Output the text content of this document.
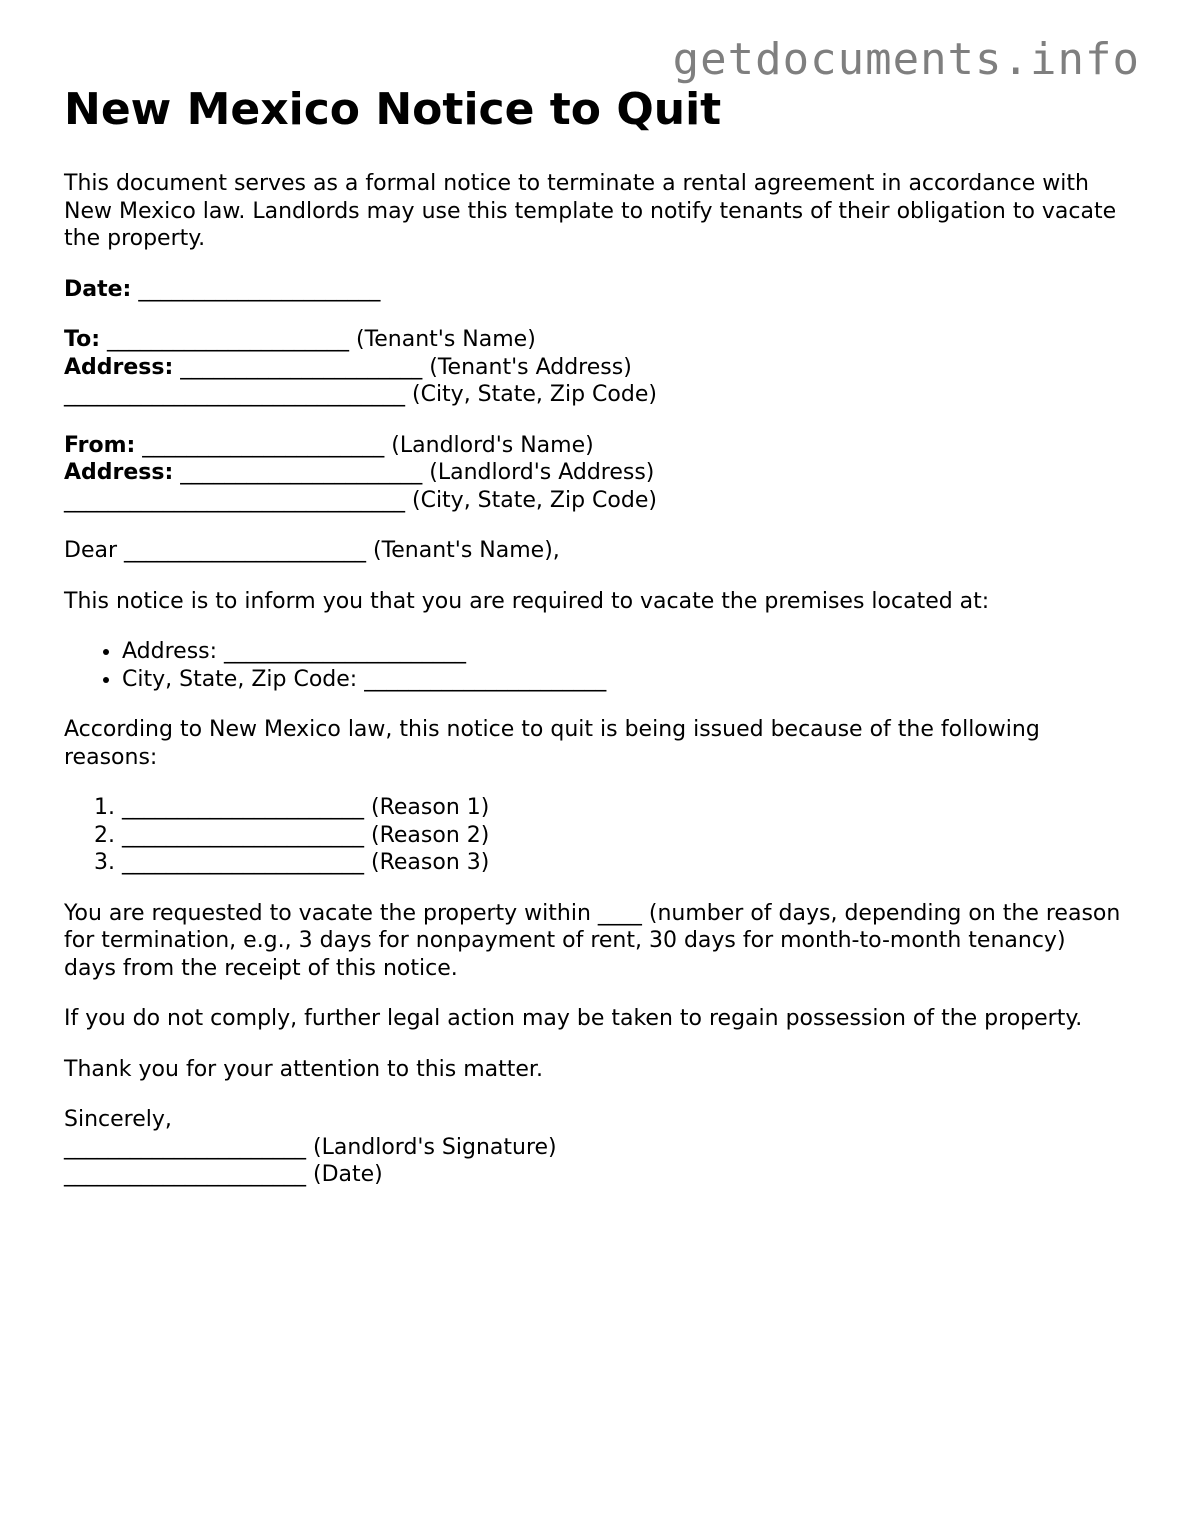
getdocuments.info
New Mexico Notice to Quit

This document serves as a formal notice to terminate a rental agreement in accordance with New Mexico law. Landlords may use this template to notify tenants of their obligation to vacate the property.

Date: ______________________
To: ______________________ (Tenant's Name)
Address: ______________________ (Tenant's Address)
_______________________________ (City, State, Zip Code)
From: ______________________ (Landlord's Name)
Address: ______________________ (Landlord's Address)
_______________________________ (City, State, Zip Code)

Dear ______________________ (Tenant's Name),

This notice is to inform you that you are required to vacate the premises located at:

• Address: ______________________
• City, State, Zip Code: ______________________

According to New Mexico law, this notice to quit is being issued because of the following reasons:

1. ______________________ (Reason 1)
2. ______________________ (Reason 2)
3. ______________________ (Reason 3)

You are requested to vacate the property within ____ (number of days, depending on the reason for termination, e.g., 3 days for nonpayment of rent, 30 days for month-to-month tenancy) days from the receipt of this notice.

If you do not comply, further legal action may be taken to regain possession of the property.

Thank you for your attention to this matter.

Sincerely,
______________________ (Landlord's Signature)
______________________ (Date)
